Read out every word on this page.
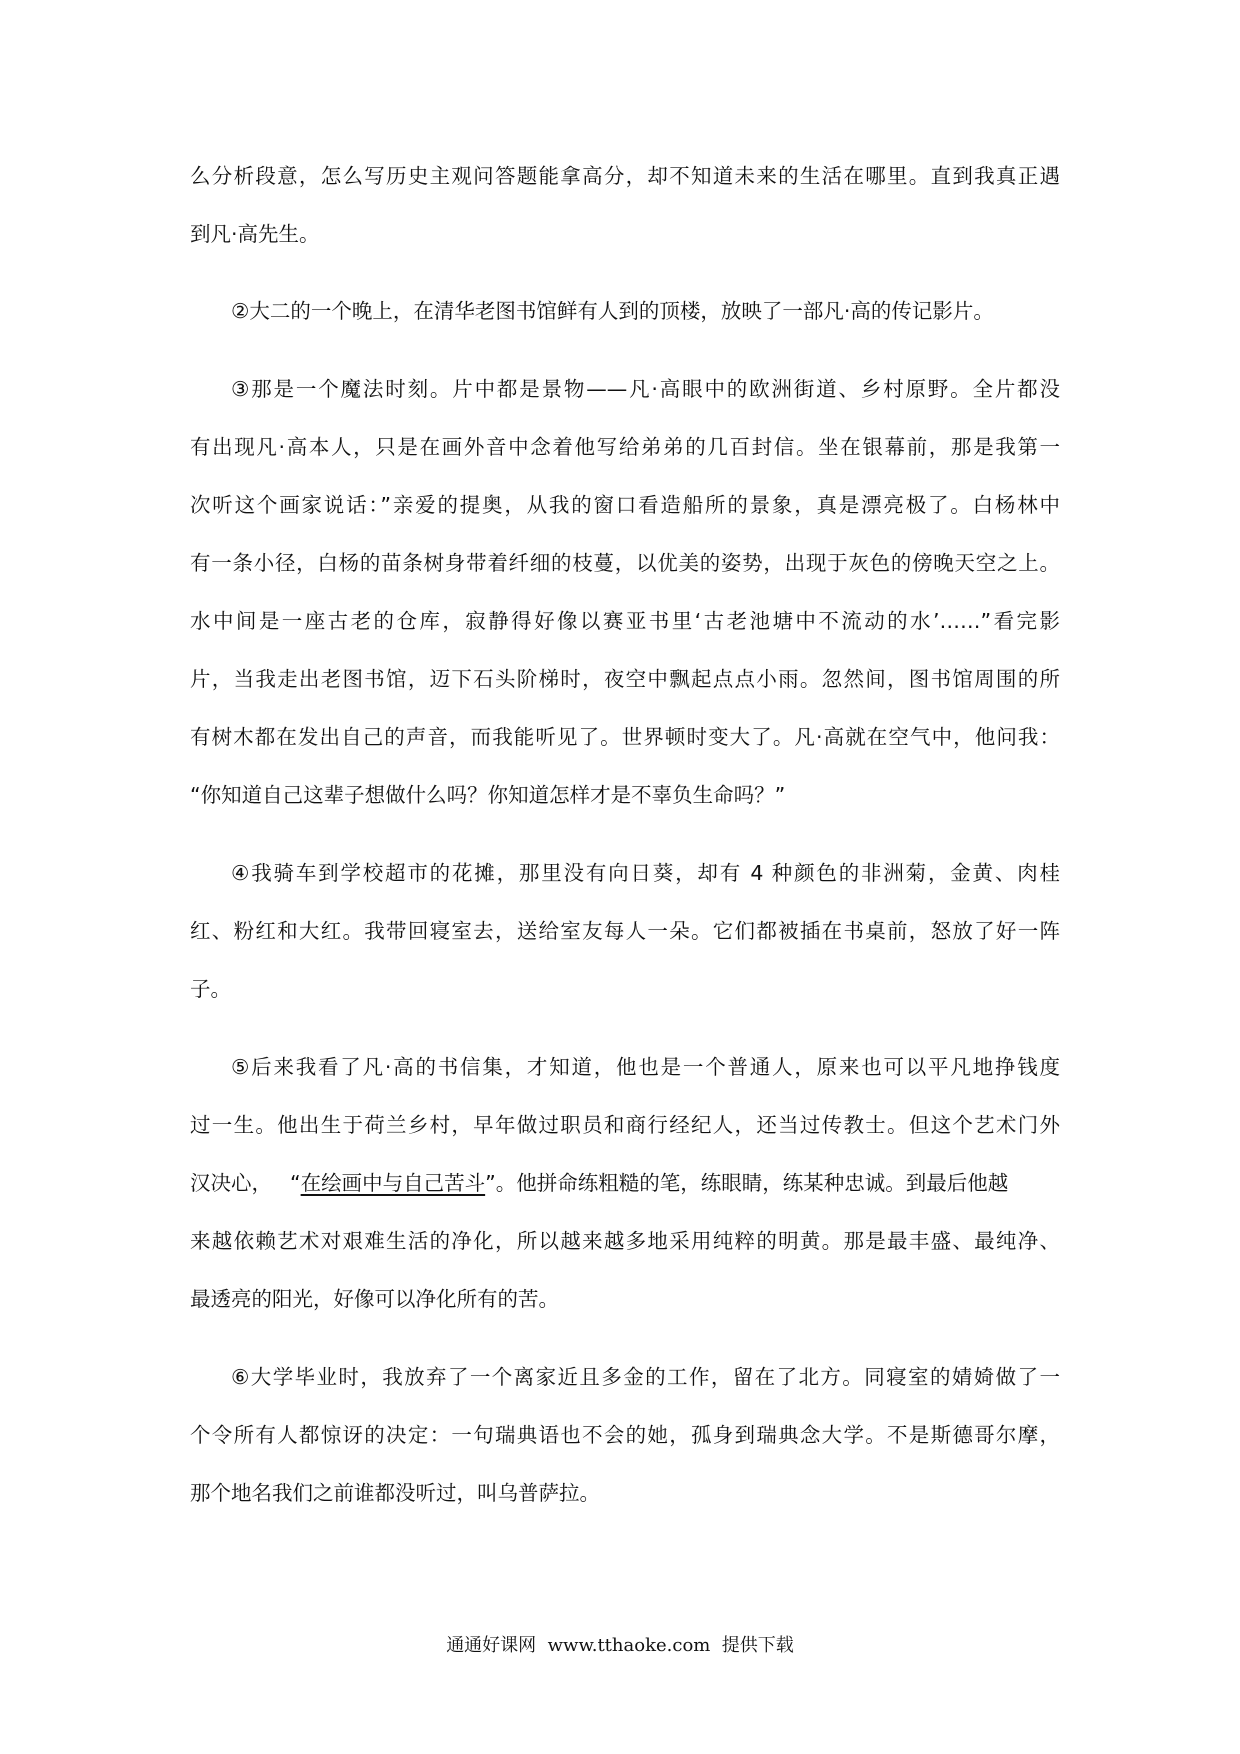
么分析段意，怎么写历史主观问答题能拿高分，却不知道未来的生活在哪里。直到我真正遇
到凡·高先生。
②大二的一个晚上，在清华老图书馆鲜有人到的顶楼，放映了一部凡·高的传记影片。
③那是一个魔法时刻。片中都是景物——凡·高眼中的欧洲街道、乡村原野。全片都没
有出现凡·高本人，只是在画外音中念着他写给弟弟的几百封信。坐在银幕前，那是我第一
次听这个画家说话：”亲爱的提奥，从我的窗口看造船所的景象，真是漂亮极了。白杨林中
有一条小径，白杨的苗条树身带着纤细的枝蔓，以优美的姿势，出现于灰色的傍晚天空之上。
水中间是一座古老的仓库，寂静得好像以赛亚书里‘古老池塘中不流动的水’……”看完影
片，当我走出老图书馆，迈下石头阶梯时，夜空中飘起点点小雨。忽然间，图书馆周围的所
有树木都在发出自己的声音，而我能听见了。世界顿时变大了。凡·高就在空气中，他问我：
“你知道自己这辈子想做什么吗？你知道怎样才是不辜负生命吗？”
④我骑车到学校超市的花摊，那里没有向日葵，却有 4 种颜色的非洲菊，金黄、肉桂
红、粉红和大红。我带回寝室去，送给室友每人一朵。它们都被插在书桌前，怒放了好一阵
子。
⑤后来我看了凡·高的书信集，才知道，他也是一个普通人，原来也可以平凡地挣钱度
过一生。他出生于荷兰乡村，早年做过职员和商行经纪人，还当过传教士。但这个艺术门外
汉决心， “在绘画中与自己苦斗”。他拼命练粗糙的笔，练眼睛，练某种忠诚。到最后他越
来越依赖艺术对艰难生活的净化，所以越来越多地采用纯粹的明黄。那是最丰盛、最纯净、
最透亮的阳光，好像可以净化所有的苦。
⑥大学毕业时，我放弃了一个离家近且多金的工作，留在了北方。同寝室的婧婍做了一
个令所有人都惊讶的决定：一句瑞典语也不会的她，孤身到瑞典念大学。不是斯德哥尔摩，
那个地名我们之前谁都没听过，叫乌普萨拉。
通通好课网 www.tthaoke.com 提供下载
